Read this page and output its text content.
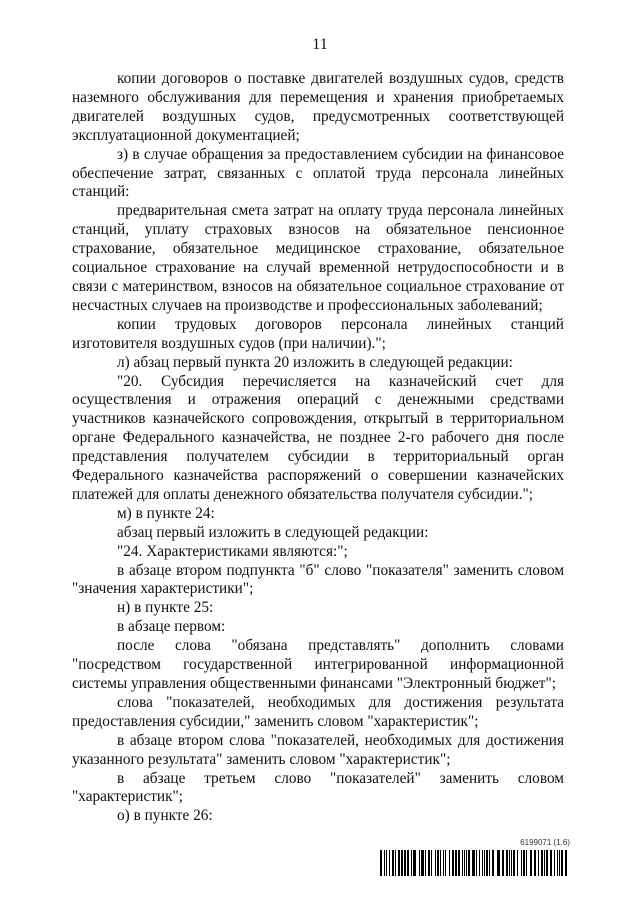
11

копии договоров о поставке двигателей воздушных судов, средств наземного обслуживания для перемещения и хранения приобретаемых двигателей воздушных судов, предусмотренных соответствующей эксплуатационной документацией;

з) в случае обращения за предоставлением субсидии на финансовое обеспечение затрат, связанных с оплатой труда персонала линейных станций:

предварительная смета затрат на оплату труда персонала линейных станций, уплату страховых взносов на обязательное пенсионное страхование, обязательное медицинское страхование, обязательное социальное страхование на случай временной нетрудоспособности и в связи с материнством, взносов на обязательное социальное страхование от несчастных случаев на производстве и профессиональных заболеваний;

копии трудовых договоров персонала линейных станций изготовителя воздушных судов (при наличии).";

л) абзац первый пункта 20 изложить в следующей редакции:

"20. Субсидия перечисляется на казначейский счет для осуществления и отражения операций с денежными средствами участников казначейского сопровождения, открытый в территориальном органе Федерального казначейства, не позднее 2-го рабочего дня после представления получателем субсидии в территориальный орган Федерального казначейства распоряжений о совершении казначейских платежей для оплаты денежного обязательства получателя субсидии.";

м) в пункте 24:

абзац первый изложить в следующей редакции:

"24. Характеристиками являются:";

в абзаце втором подпункта "б" слово "показателя" заменить словом "значения характеристики";

н) в пункте 25:

в абзаце первом:

после слова "обязана представлять" дополнить словами "посредством государственной интегрированной информационной системы управления общественными финансами "Электронный бюджет";

слова "показателей, необходимых для достижения результата предоставления субсидии," заменить словом "характеристик";

в абзаце втором слова "показателей, необходимых для достижения указанного результата" заменить словом "характеристик";

в абзаце третьем слово "показателей" заменить словом "характеристик";

о) в пункте 26:

6199071 (1.6)
